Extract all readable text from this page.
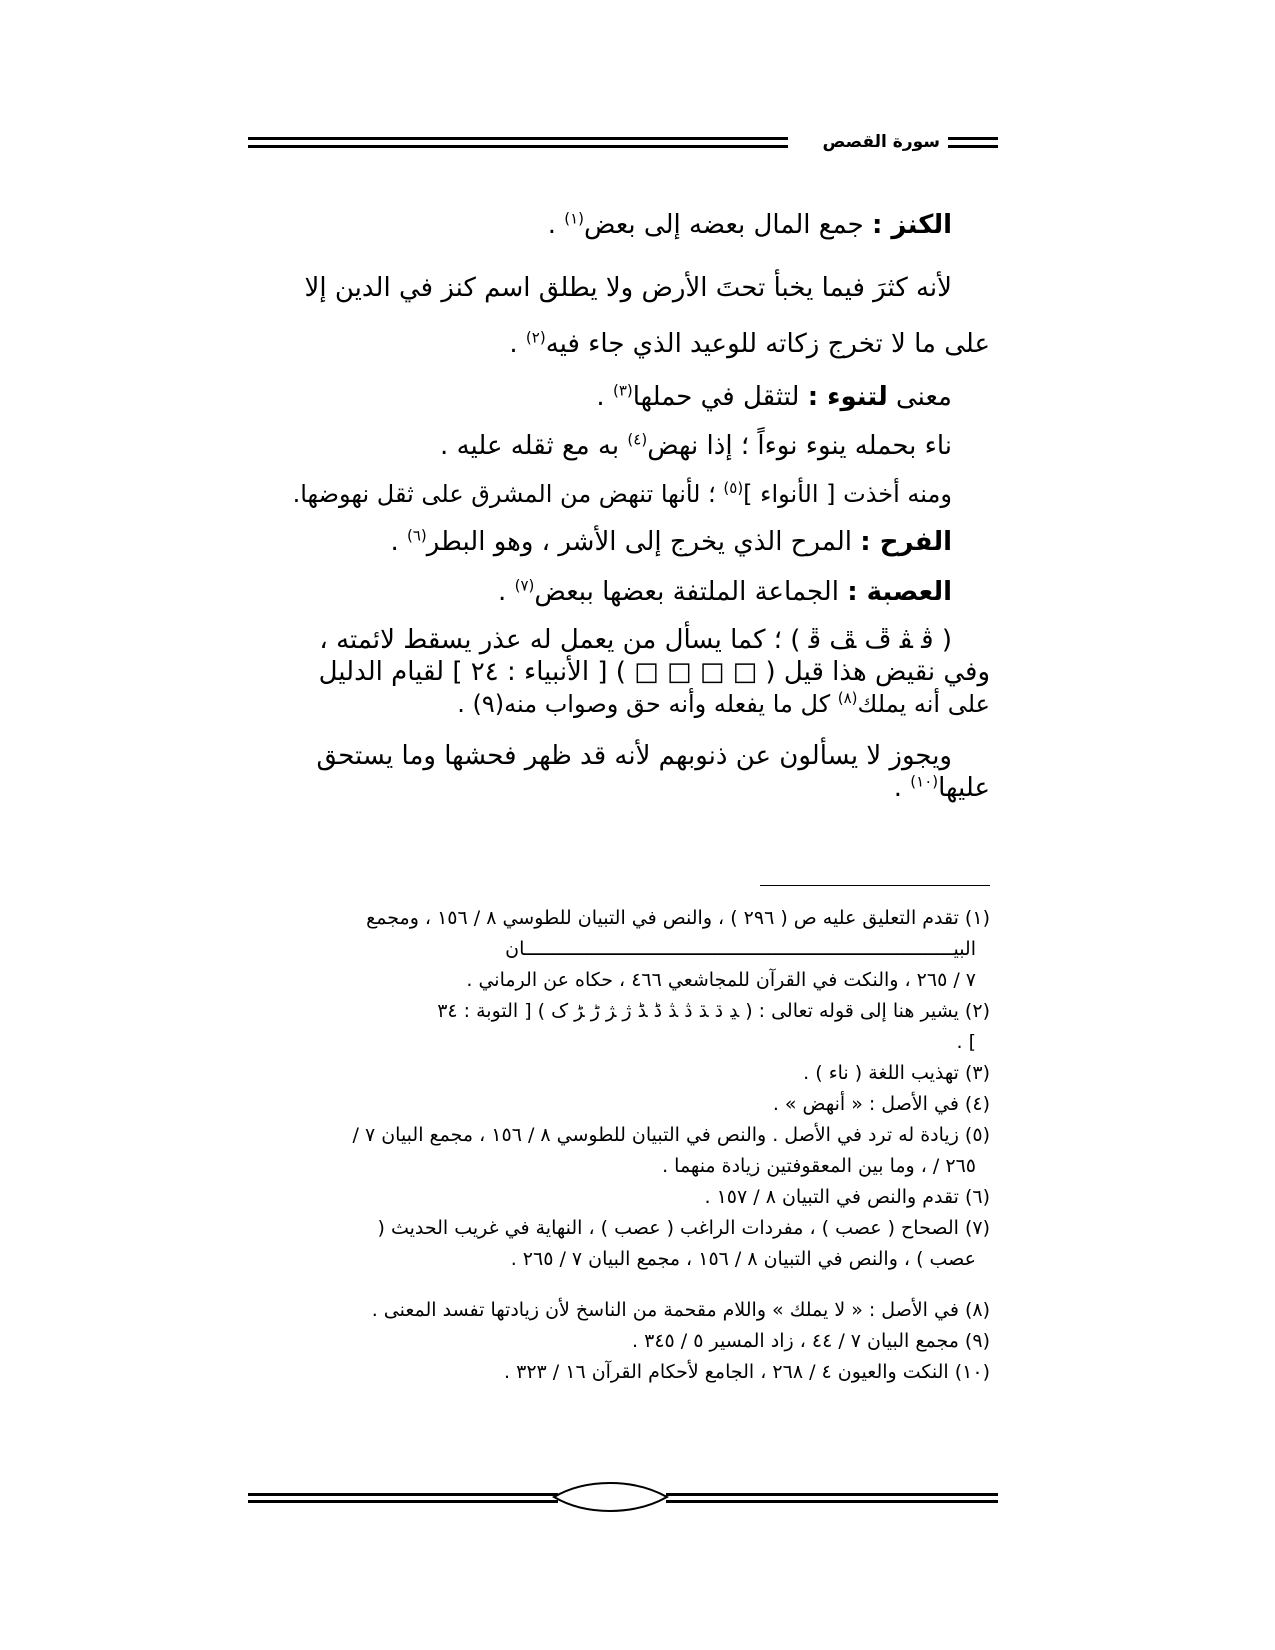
سورة القصص

الكنز : جمع المال بعضه إلى بعض$^{(١)}$ .

لأنه كثرَ فيما يخبأ تحتَ الأرض ولا يطلق اسم كنز في الدين إلا

على ما لا تخرج زكاته للوعيد الذي جاء فيه$^{(٢)}$ .

معنى لتنوء : لتثقل في حملها$^{(٣)}$ .

ناء بحمله ينوء نوءاً ؛ إذا نهض$^{(٤)}$ به مع ثقله عليه .

ومنه أخذت [ الأنواء ]$^{(٥)}$ ؛ لأنها تنهض من المشرق على ثقل نهوضها.

الفرح : المرح الذي يخرج إلى الأشر ، وهو البطر$^{(٦)}$ .

العصبة : الجماعة الملتفة بعضها ببعض$^{(٧)}$ .

( ﭬ ﭭ ﭮ ﭯ ﭰ ) ؛ كما يسأل من يعمل له عذر يسقط لائمته ،

وفي نقيض هذا قيل ( □ □ □ □ ) [ الأنبياء : ٢٤ ] لقيام الدليل

على أنه يملك$^{(٨)}$ كل ما يفعله وأنه حق وصواب منه(٩) .

ويجوز لا يسألون عن ذنوبهم لأنه قد ظهر فحشها وما يستحق

عليها$^{(١٠)}$ .

(١) تقدم التعليق عليه ص ( ٢٩٦ ) ، والنص في التبيان للطوسي ٨ / ١٥٦ ، ومجمع

البيـــــــــــــــــــــــــــــــــــــــــــــــــــــــــــــــــــــــــــــان

٧ / ٢٦٥ ، والنكت في القرآن للمجاشعي ٤٦٦ ، حكاه عن الرماني .

(٢) يشير هنا إلى قوله تعالى : ( ﮃ ﮄ ﮅ ﮆ ﮇ ﮈ ﮉ ﮊ ﮋ ﮌ ﮍ ﮎ ) [ التوبة : ٣٤

] .

(٣) تهذيب اللغة ( ناء ) .

(٤) في الأصل : « أنهض » .

(٥) زيادة له ترد في الأصل . والنص في التبيان للطوسي ٨ / ١٥٦ ، مجمع البيان ٧ /

٢٦٥ / ، وما بين المعقوفتين زيادة منهما .

(٦) تقدم والنص في التبيان ٨ / ١٥٧ .

(٧) الصحاح ( عصب ) ، مفردات الراغب ( عصب ) ، النهاية في غريب الحديث (

عصب ) ، والنص في التبيان ٨ / ١٥٦ ، مجمع البيان ٧ / ٢٦٥ .

(٨) في الأصل : « لا يملك » واللام مقحمة من الناسخ لأن زيادتها تفسد المعنى .

(٩) مجمع البيان ٧ / ٤٤ ، زاد المسير ٥ / ٣٤٥ .

(١٠) النكت والعيون ٤ / ٢٦٨ ، الجامع لأحكام القرآن ١٦ / ٣٢٣ .
